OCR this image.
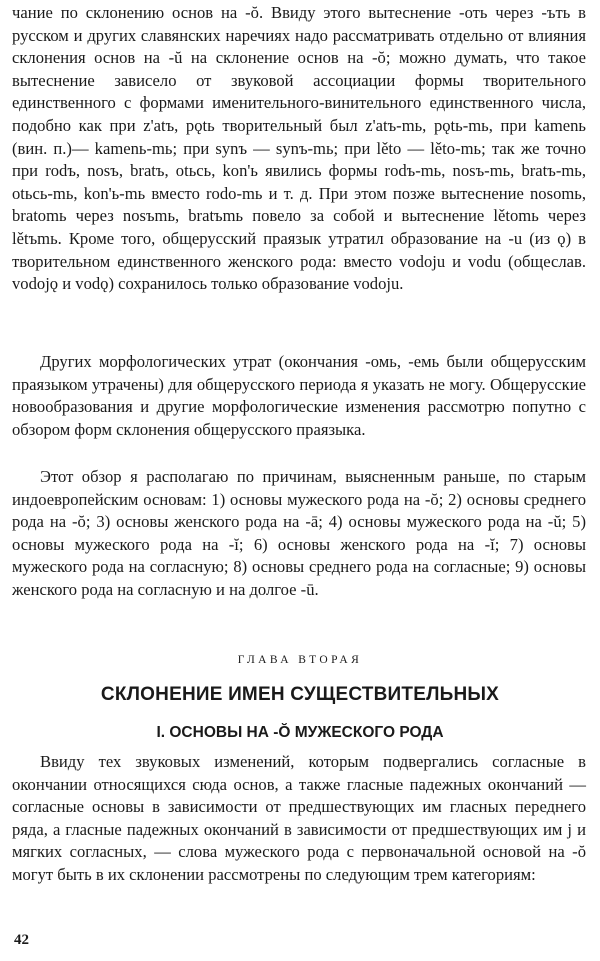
чание по склонению основ на -ŏ. Ввиду этого вытеснение -оть через -ъть в русском и других славянских наречиях надо рассматривать отдельно от влияния склонения основ на -ŭ на склонение основ на -ŏ; можно думать, что такое вытеснение зависело от звуковой ассоциации формы творительного единственного с формами именительного-винительного единственного числа, подобно как при z'atъ, pǫtь творительный был z'atъ-mь, pǫtь-mь, при kamenь (вин. п.)— kamenь-mь; при synъ — synъ-mь; при lěto — lěto-mь; так же точно при rodъ, nosъ, bratъ, otьcь, kon'ь явились формы rodъ-mь, nosъ-mь, bratъ-mь, otьcь-mь, kon'ь-mь вместо rodo-mь и т. д. При этом позже вытеснение nosomь, bratomь через nosъmь, bratъmь повело за собой и вытеснение lětomь через lětъmь. Кроме того, общерусский праязык утратил образование на -u (из ǫ) в творительном единственного женского рода: вместо vodoju и vodu (общеслав. vodojǫ и vodǫ) сохранилось только образование vodoju.

Других морфологических утрат (окончания -омь, -емь были общерусским праязыком утрачены) для общерусского периода я указать не могу. Общерусские новообразования и другие морфологические изменения рассмотрю попутно с обзором форм склонения общерусского праязыка.

Этот обзор я располагаю по причинам, выясненным раньше, по старым индоевропейским основам: 1) основы мужеского рода на -ŏ; 2) основы среднего рода на -ŏ; 3) основы женского рода на -ā; 4) основы мужеского рода на -ŭ; 5) основы мужеского рода на -ĭ; 6) основы женского рода на -ĭ; 7) основы мужеского рода на согласную; 8) основы среднего рода на согласные; 9) основы женского рода на согласную и на долгое -ū.

ГЛАВА ВТОРАЯ

СКЛОНЕНИЕ ИМЕН СУЩЕСТВИТЕЛЬНЫХ
I. ОСНОВЫ НА -Ŏ МУЖЕСКОГО РОДА

Ввиду тех звуковых изменений, которым подвергались согласные в окончании относящихся сюда основ, а также гласные падежных окончаний — согласные основы в зависимости от предшествующих им гласных переднего ряда, а гласные падежных окончаний в зависимости от предшествующих им j и мягких согласных, — слова мужеского рода с первоначальной основой на -ŏ могут быть в их склонении рассмотрены по следующим трем категориям:

42
